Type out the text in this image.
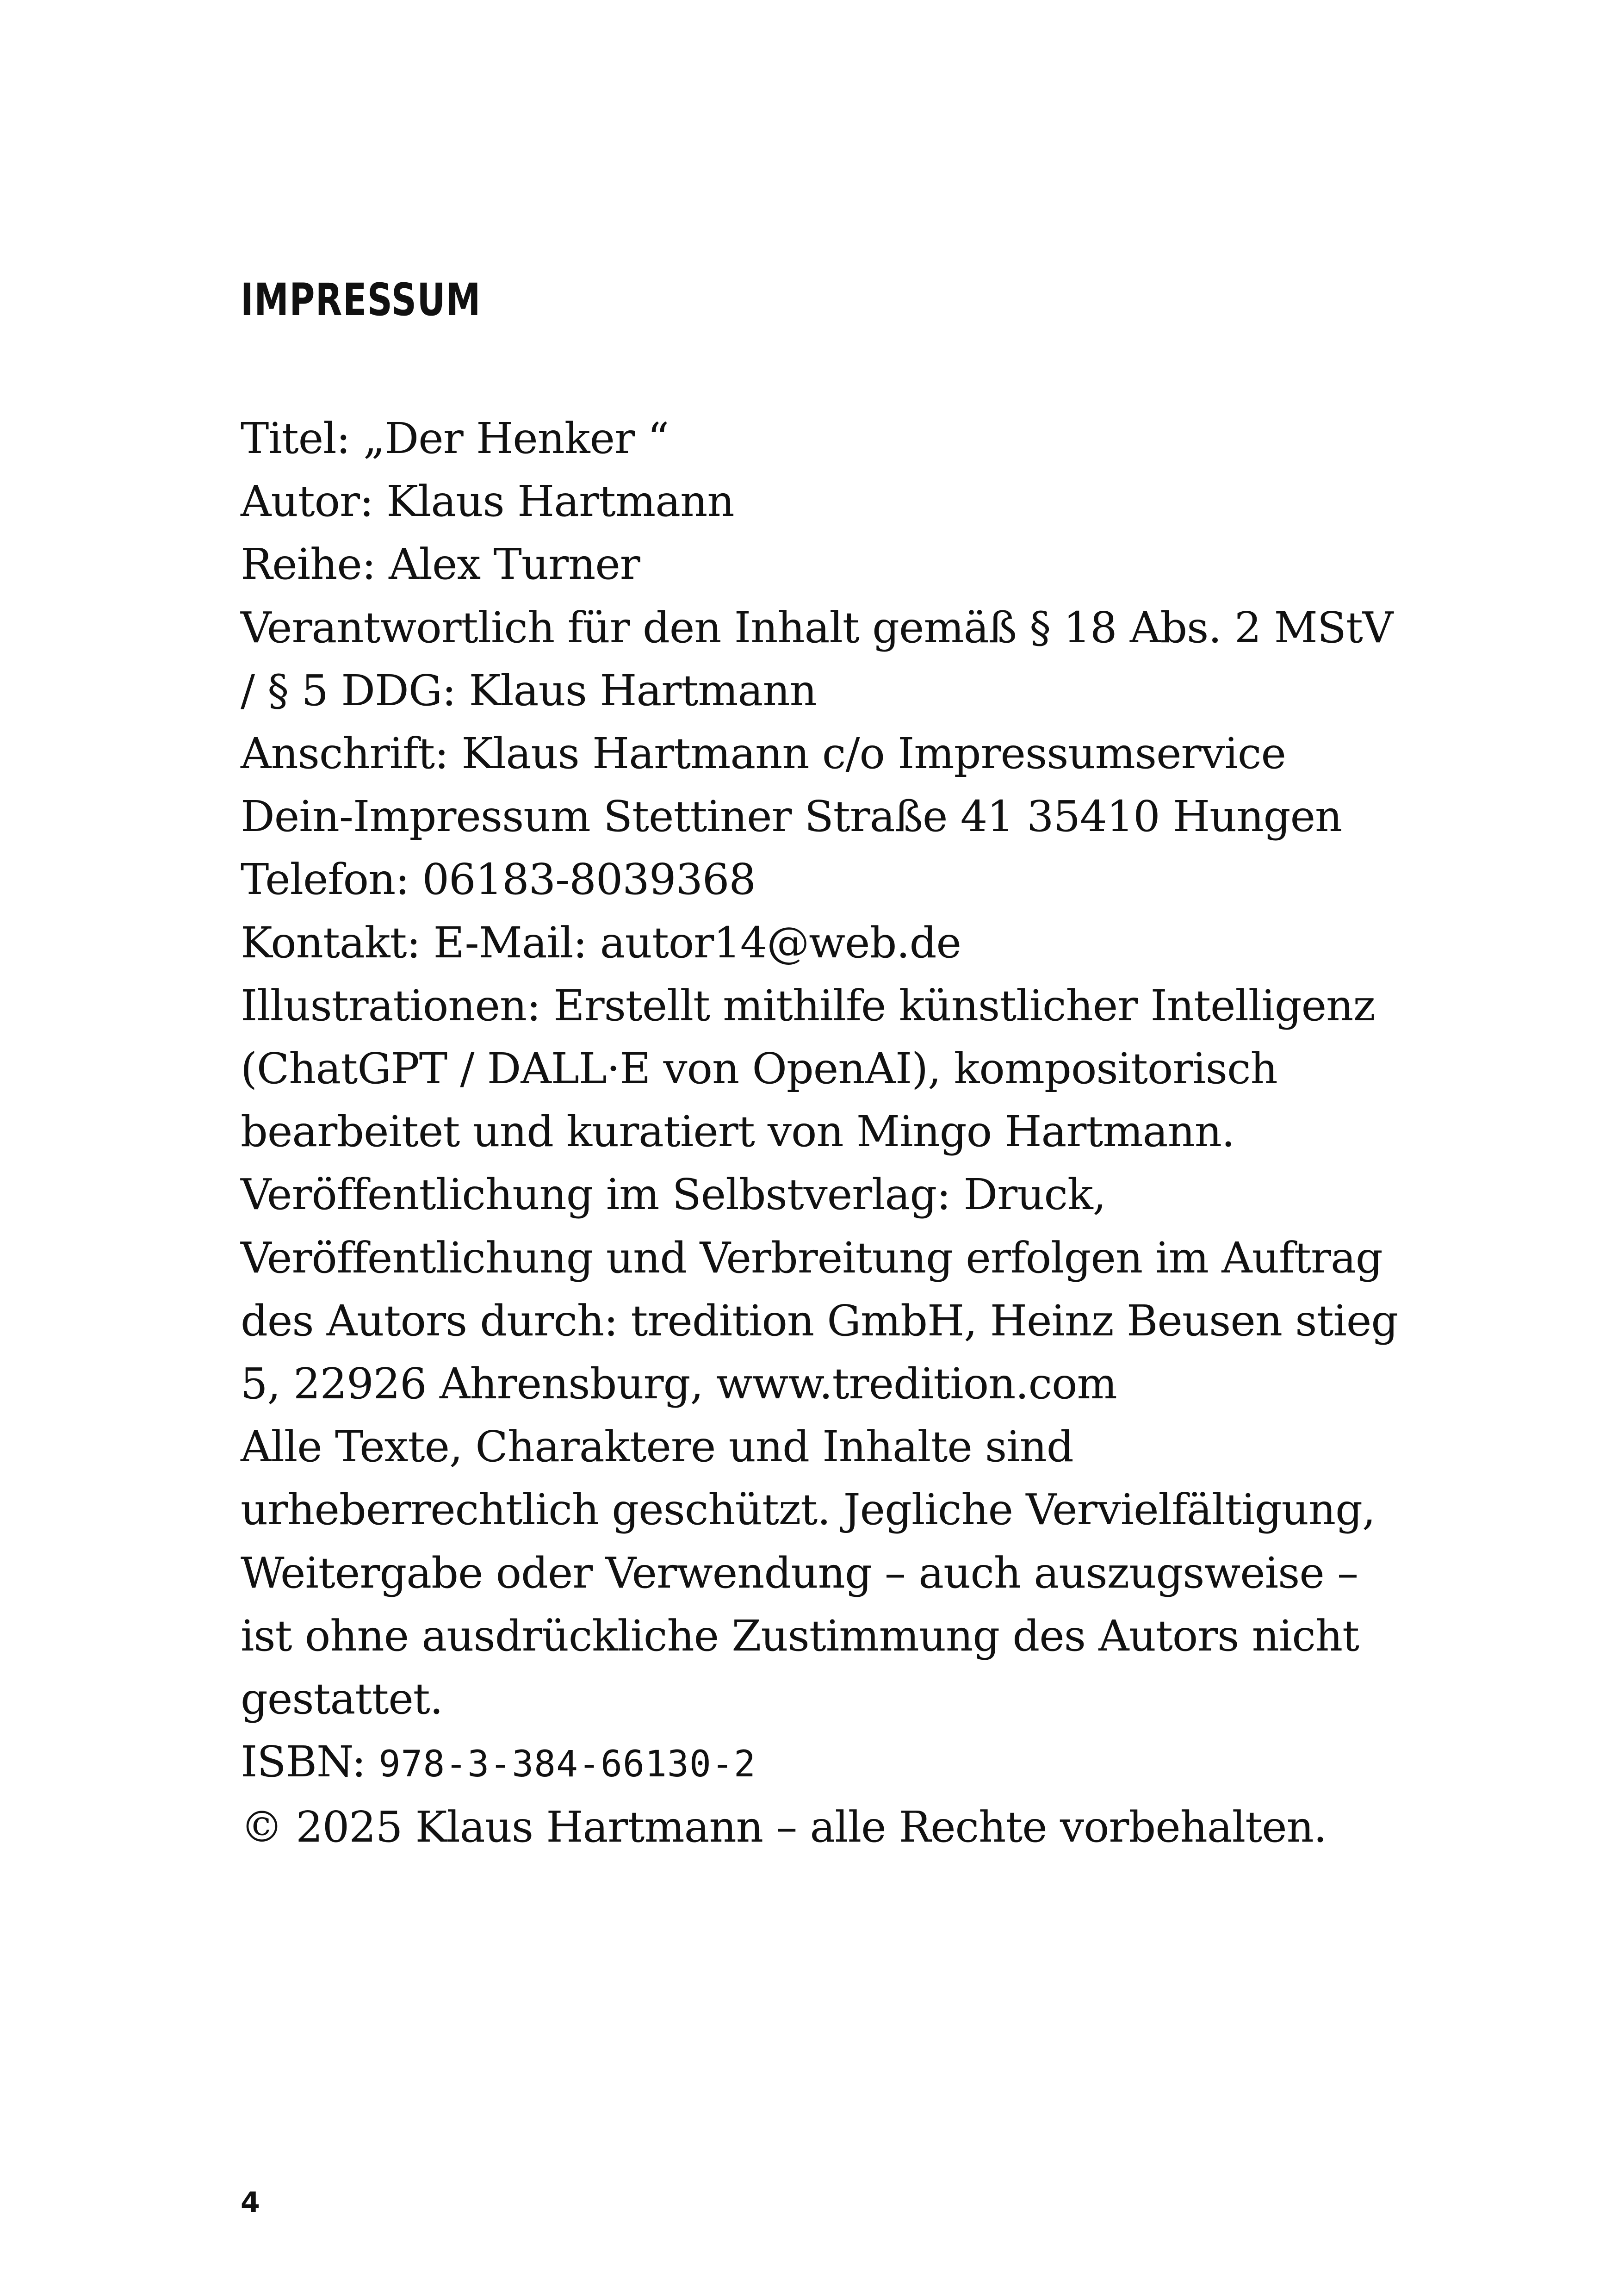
IMPRESSUM
Titel: „Der Henker “
Autor: Klaus Hartmann
Reihe: Alex Turner
Verantwortlich für den Inhalt gemäß § 18 Abs. 2 MStV
/ § 5 DDG: Klaus Hartmann
Anschrift: Klaus Hartmann c/o Impressumservice
Dein-Impressum Stettiner Straße 41 35410 Hungen
Telefon: 06183-8039368
Kontakt: E-Mail: autor14@web.de
Illustrationen: Erstellt mithilfe künstlicher Intelligenz
(ChatGPT / DALL·E von OpenAI), kompositorisch
bearbeitet und kuratiert von Mingo Hartmann.
Veröffentlichung im Selbstverlag: Druck,
Veröffentlichung und Verbreitung erfolgen im Auftrag
des Autors durch: tredition GmbH, Heinz Beusen stieg
5, 22926 Ahrensburg, www.tredition.com
Alle Texte, Charaktere und Inhalte sind
urheberrechtlich geschützt. Jegliche Vervielfältigung,
Weitergabe oder Verwendung – auch auszugsweise –
ist ohne ausdrückliche Zustimmung des Autors nicht
gestattet.
ISBN: 978-3-384-66130-2
© 2025 Klaus Hartmann – alle Rechte vorbehalten.
4
